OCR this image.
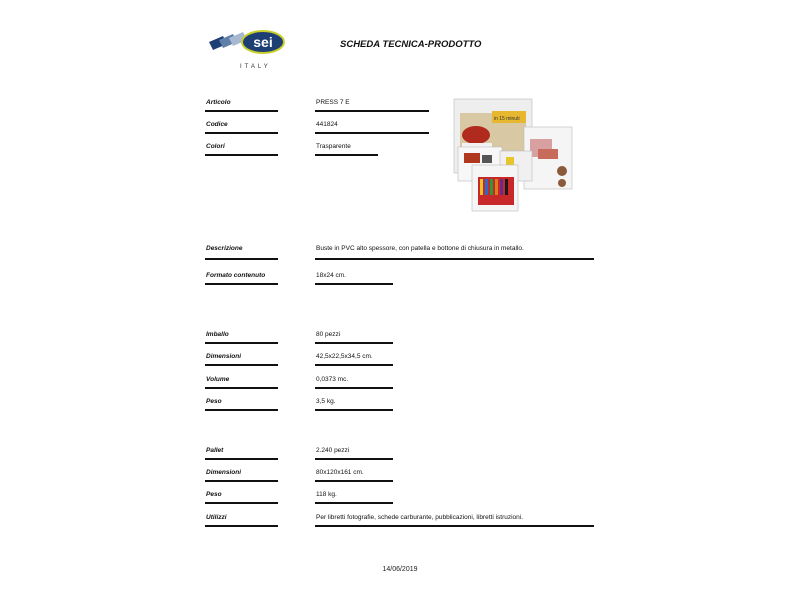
sei
ITALY
SCHEDA TECNICA-PRODOTTO
in 15 minuti
Articolo	PRESS 7 E
Codice	441824
Colori	Trasparente
Descrizione	Buste in PVC alto spessore, con patella e bottone di chiusura in metallo.
Formato contenuto	18x24 cm.
Imballo	80 pezzi
Dimensioni	42,5x22,5x34,5 cm.
Volume	0,0373 mc.
Peso	3,5 kg.
Pallet	2.240 pezzi
Dimensioni	80x120x161 cm.
Peso	118 kg.
Utilizzi	Per libretti fotografie, schede carburante, pubblicazioni, libretti istruzioni.
14/06/2019
